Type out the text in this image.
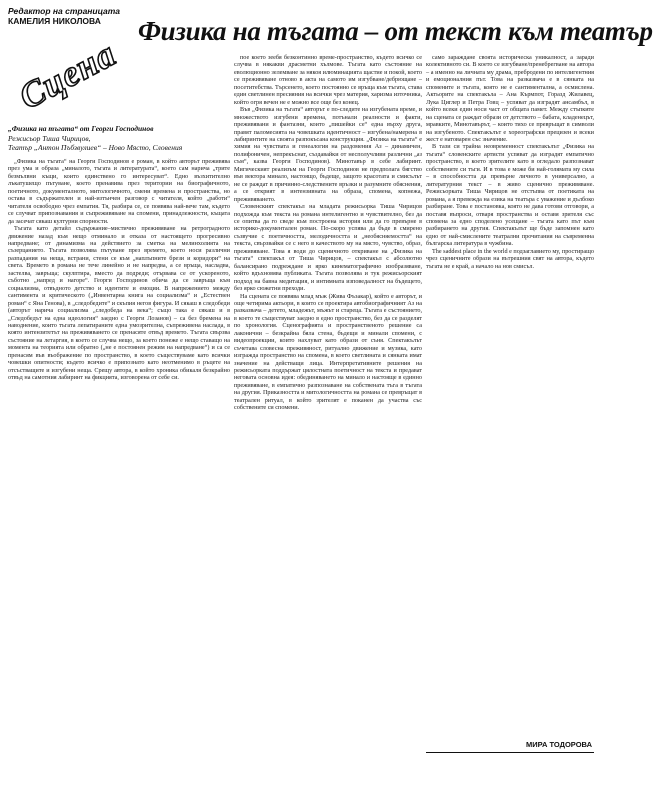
Редактор на страницата
КАМЕЛИЯ НИКОЛОВА	Физика на тъгата – от текст към театър
Сцена
„Физика на тъгата“ от Георги Господинов
Режисьор Тиша Чирицов,
Театър „Антон Пъбзвулиев“ – Ново Място, Словения

„Физика на тъгата“ на Георги Господинов е роман, в който авторът преживява през ума и образа „миналото, тъгата и литературата“, което сам нарича „трите безмълвни къщи, които единствено го интересуват“. Едно възхитително лъкатушещо пътуване, което пренавива през територии на биографичното, поетичното, документалното, митологичното, смени времена и пространства, но остава в съдържателен и най-изтънчен разговор с читателя, който „работи“ читателя освободно чрез емпатия. Тя, разбира се, се появява най-вече там, където се случват припознавания и съпреживяване на спомени, принадлежности, къщата да засечат сякаш културни спорности.

Тъгата като детайл съдържание–мистично преживяване на ретроградното движение назад към нещо отминало и отказа от настоящето прогресивно напредване; от динамизма на действието за сметка на мелинхолията на съзерцанието. Тъгата позволява пътуване през времето, което носи различни разпадания на неща, встрани, стени се към „наплъпните брези и коридори“ на света. Времето в романа не тече линейно и не напредва, а се връща, насладва, застелва, завръща; скулптира, вместо да подреди; отървава се от ускореното, съботно „напред и нагоре“. Георги Господинов обича да се завръща към социализма, отвъдното детство и идентите и емоции. В напрежението между сантимента и критическото („Инвентарна книга на социализма“ и „Естествен роман“ с Яна Генова), в „следобедите“ и скъпия негов фигура. И сякаш в следобеди (авторът нарича социализма „следобеда на века“; също така е сякаш и в „Следобедът на една идеология“ заедно с Георги Лозанов) – са без бремена на наводнение, които тъгата лепатираните една умозрителна, съпреживена наслада, в която интензитетът на преживяването се пренасяте отвъд времето. Тъгата свързва състояние на летаргия, в което се случва нещо, за което понеже е нещо ставащо на момента на теорията или обратно („не е постоянен режим на напредване“) и са се пренасям във въображение по пространство, в което съществуваме като всички човешки опитности; където всичко е припознато като неотменимо в ръцете на отсъстващите и изгубени неща. Срещу автора, в който хроника обикаля безкрайно отвъд на самотния лабиринт на фикцията, изговорена от себе си.

пое което зеебя безконтинно време-пространство, където всичко се случва в някакви драсметни хълмове. Тъгата като състояние на еволюционно зелемване за някоя илюминацията щастие и покой, което се преживяване отново в акта на самото им изгубване/дебрющане – посетитебства. Търсенето, което постоянно се връща към тъгата, става един светлинен пресияния на всички чрез материя, харизма източника, който огря вечен не е можно все още без конец.

Във „Физика на тъгата“ авторът е по-следите на изгубената време, и множеството изгубени времена, потънали реалности и факти, преживявани и фантазни, които „пишейки се“ една върху друга, правят паломесията на човешката идентичност – изгубена/намерена в лабиринтите на своята разпокъсана конструкция. „Физика на тъгата“ е химия на чувствата и генеалогия на раздомения Аз – динамичен, полифоничен, непрекъснат, създавайки от несполучливи различни „аз съм“, казва Георги Господинов). Минотавър в себе лабиринт. Мигическият реализъм на Георги Господинов не предполага бягство във вектора минало, настоящо, бъдеще, защото красотата и смисълът не се раждат в причинно-следствените връзки и разумните обяснения, а се открият в интензивната на образа, спомена, копнежа, преживяването.

Словенският спектакъл на младата режисьорка Тиша Чирицов подхожда към текста на романа интелигентно и чувствително, без да се опитва да го сведе към построена история или да го превърне в историко-документален роман. По-скоро успява да бъде в смирено съзвучие с поетичността, мелодичността и „необясняемостта“ на текста, свързвайки се с него в качеството му на място, чувство, образ, преживяване. Това я води до сценичното откриване на „Физика на тъгата“ спектакъл от Тиша Чирицов, – спектакъл с абсолютно балансирано подреждане и ярко кинематографично изобразяване, който вдъхновява публиката. Тъгата позволява и тук режисьорският подход на бавна медитация, и интимната изповедалност на бъдещето, без ярко сюжетни преходи.

На сцената се появява млад мъж (Жива Фъзакар), който е авторът, и още четирима актьори, в които се проектира автобиографичният Аз на разказвача – детето, младежът, мъжът и стареца. Тъгата е състоянието, в което те съществуват заедно в едно пространство, без да се разделят по хронология. Сценографията и пространственото решение са лаконични – безкрайна бяла стена, бъдещи и минали спомени, с видеопроекции, които нахлуват като образи от съня. Спектакълът съчетава словесна преживяност, ритуално движение и музика, като изгражда пространство на спомена, в което светлината и сянката имат значение на действащи лица. Интерпретативните решения на режисьорката поддържат цялостната поетичност на текста и предават неговата основна идея: обединяването на минало и настояще в единно преживяване, в емпатично разпознаване на собствената тъга в тъгата на другия. Приказността и митологичността на романа се превръщат в театрален ритуал, в който зрителят е поканен да участва със собствените си спомени.

само зараждане своята историческа уникалност, а заради колективното си. В което се изгубване/пренебрегване на автора – а именно на личната му драма, пребродени по интелигентния и емоционалния път. Това на разказвача е в сянката на спомените и тъгата, която не е сантиментална, а осмислена. Актьорите на спектакъла – Ана Кърмпот, Горазд Жилавец, Лука Циглер и Петра Говц – успяват да изградят ансамбъл, в който всеки един носи част от общата памет. Между стъпките на сцената се раждат образи от детството – бабата, кладенецът, мравките, Минотавърът, – които тихо се превръщат в символи на изгубеното. Спектакълът е хореографски прецизен и всеки жест е натоварен със значение.

В тази си трайна неовременност спектакълът „Физика на тъгата“ словенските артисти успяват да изградят емпатично пространство, в което зрителите като в огледало разпознават собствените си тъги. И в това е може би най-голямата му сила – в способността да превърне личното в универсално, а литературния текст – в живо сценично преживяване. Режисьорката Тиша Чирицов не отстъпва от поетиката на романа, а я превежда на езика на театъра с уважение и дълбоко разбиране. Това е постановка, която не дава готови отговори, а поставя въпроси, отваря пространства и оставя зрителя със спомена за едно споделено усещане – тъгата като път към разбирането на другия. Спектакълът ще бъде запомнен като едно от най-смислените театрални прочитания на съвременна българска литература в чужбина.

The saddest place in the world е подзаглавието му, простиращо чрез сценичните образи на вътрешния свят на автора, където тъгата не е край, а начало на нов смисъл.

МИРА ТОДОРОВА
